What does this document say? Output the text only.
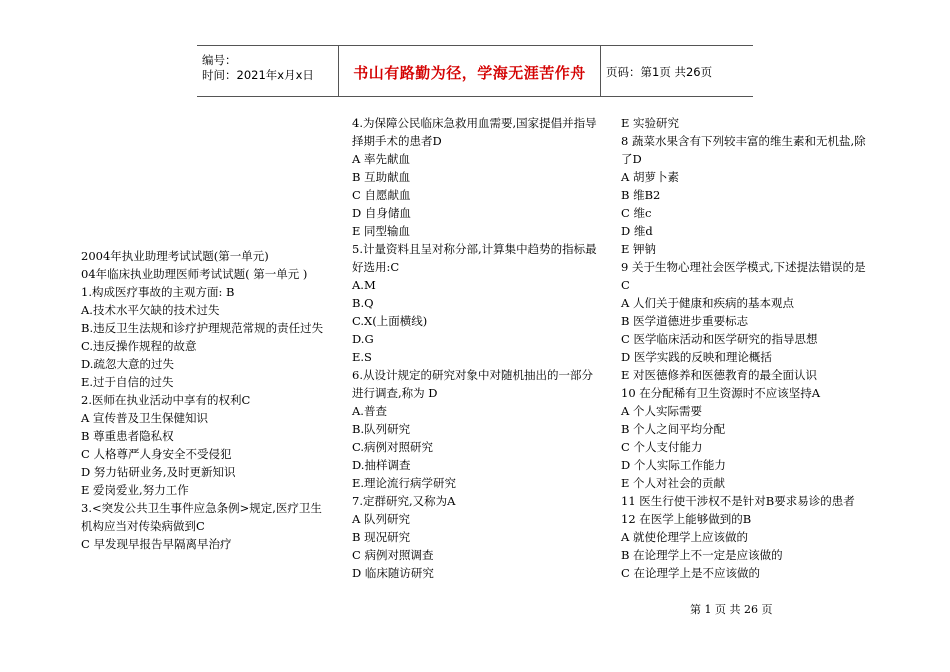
编号：
时间：2021年x月x日	书山有路勤为径，学海无涯苦作舟	页码：第1页 共26页
2004年执业助理考试试题(第一单元)
04年临床执业助理医师考试试题( 第一单元 )
1.构成医疗事故的主观方面: B
A.技术水平欠缺的技术过失
B.违反卫生法规和诊疗护理规范常规的责任过失
C.违反操作规程的故意
D.疏忽大意的过失
E.过于自信的过失
2.医师在执业活动中享有的权利C
A 宣传普及卫生保健知识
B 尊重患者隐私权
C 人格尊严人身安全不受侵犯
D 努力钻研业务,及时更新知识
E 爱岗爱业,努力工作
3.<突发公共卫生事件应急条例>规定,医疗卫生机构应当对传染病做到C
C 早发现早报告早隔离早治疗
4.为保障公民临床急救用血需要,国家提倡并指导择期手术的患者D
A 率先献血
B 互助献血
C 自愿献血
D 自身储血
E 同型输血
5.计量资料且呈对称分部,计算集中趋势的指标最好选用:C
A.M
B.Q
C.X(上面横线)
D.G
E.S
6.从设计规定的研究对象中对随机抽出的一部分进行调查,称为 D
A.普查
B.队列研究
C.病例对照研究
D.抽样调查
E.理论流行病学研究
7.定群研究,又称为A
A 队列研究
B 现况研究
C 病例对照调查
D 临床随访研究
E 实验研究
8 蔬菜水果含有下列较丰富的维生素和无机盐,除了D
A 胡萝卜素
B 维B2
C 维c
D 维d
E 钾钠
9 关于生物心理社会医学模式,下述提法错误的是C
A 人们关于健康和疾病的基本观点
B 医学道德进步重要标志
C 医学临床活动和医学研究的指导思想
D 医学实践的反映和理论概括
E 对医德修养和医德教育的最全面认识
10 在分配稀有卫生资源时不应该坚持A
A 个人实际需要
B 个人之间平均分配
C 个人支付能力
D 个人实际工作能力
E 个人对社会的贡献
11 医生行使干涉权不是针对B要求易诊的患者
12 在医学上能够做到的B
A 就使伦理学上应该做的
B 在论理学上不一定是应该做的
C 在论理学上是不应该做的
第 1 页 共 26 页
